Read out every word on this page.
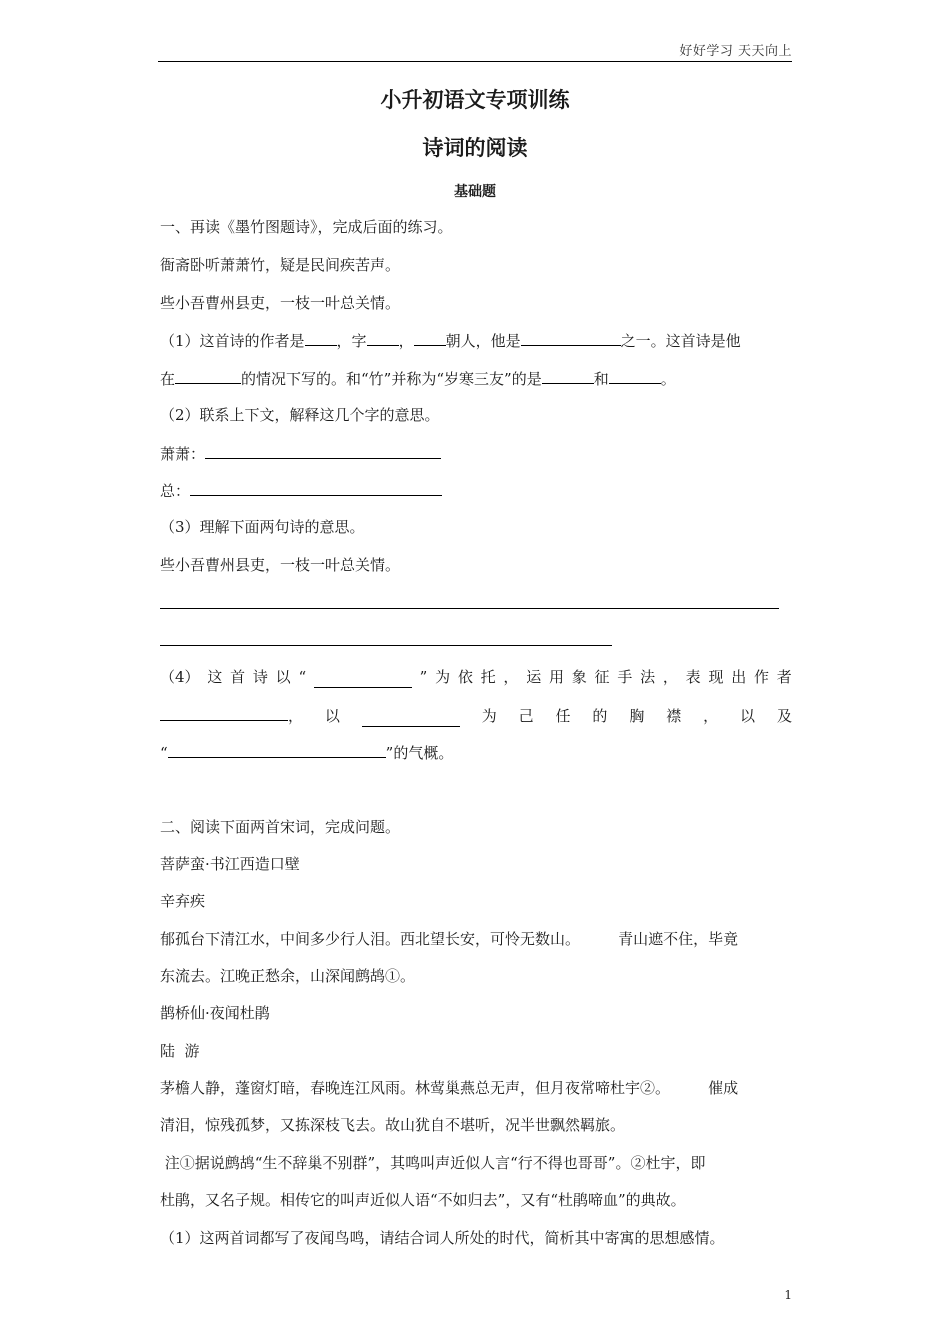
好好学习 天天向上
小升初语文专项训练
诗词的阅读
基础题
一、再读《墨竹图题诗》，完成后面的练习。
衙斋卧听萧萧竹，疑是民间疾苦声。
些小吾曹州县吏，一枝一叶总关情。
（1）这首诗的作者是 ，字 ， 朝人，他是	之一。这首诗是他
在	的情况下写的。和“竹”并称为“岁寒三友”的是	和	。
（2）联系上下文，解释这几个字的意思。
萧萧：
总：
（3）理解下面两句诗的意思。
些小吾曹州县吏，一枝一叶总关情。
（4） 这 首 诗 以 “	” 为 依 托 ， 运 用 象 征 手 法 ， 表 现 出 作 者
， 以	为 己 任 的 胸 襟 ， 以 及
“	”的气概。
二、阅读下面两首宋词，完成问题。
菩萨蛮·书江西造口壁
辛弃疾
郁孤台下清江水，中间多少行人泪。西北望长安，可怜无数山。        青山遮不住，毕竟
东流去。江晚正愁余，山深闻鹧鸪①。
鹊桥仙·夜闻杜鹃
陆  游
茅檐人静，蓬窗灯暗，春晚连江风雨。林莺巢燕总无声，但月夜常啼杜宇②。        催成
清泪，惊残孤梦，又拣深枝飞去。故山犹自不堪听，况半世飘然羁旅。
注①据说鹧鸪“生不辞巢不别群”，其鸣叫声近似人言“行不得也哥哥”。②杜宇，即
杜鹃，又名子规。相传它的叫声近似人语“不如归去”，又有“杜鹃啼血”的典故。
（1）这两首词都写了夜闻鸟鸣，请结合词人所处的时代，简析其中寄寓的思想感情。
1
